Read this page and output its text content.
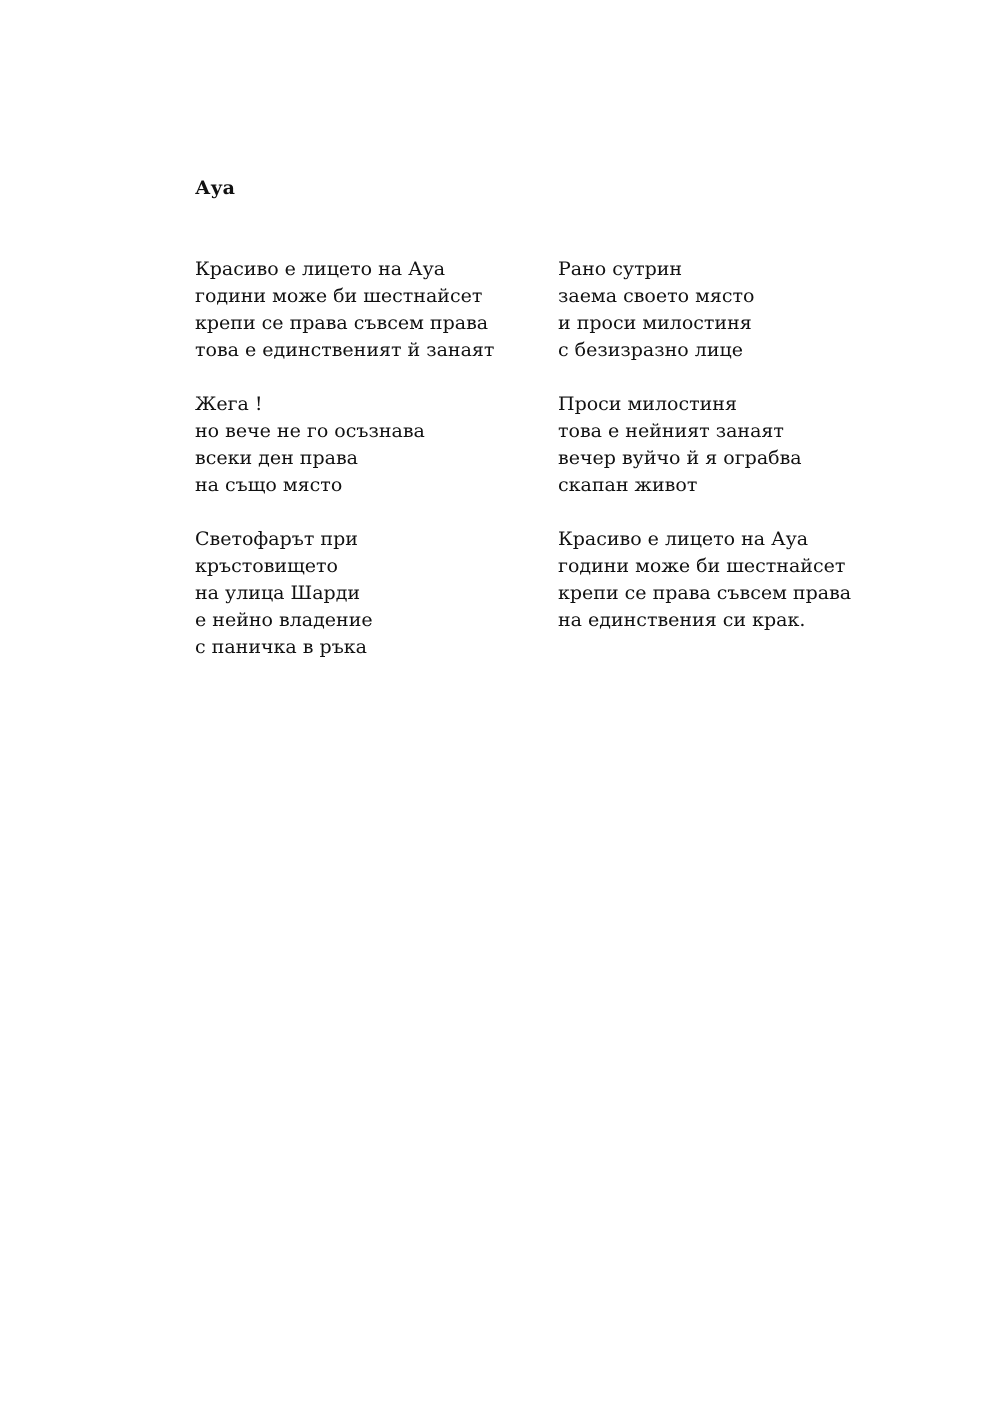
Ауа
Красиво е лицето на Ауа
години може би шестнайсет
крепи се права съвсем права
това е единственият й занаят
Жега !
но вече не го осъзнава
всеки ден права
на също място
Светофарът при
кръстовището
на улица Шарди
е нейно владение
с паничка в ръка
Рано сутрин
заема своето място
и проси милостиня
с безизразно лице
Проси милостиня
това е нейният занаят
вечер вуйчо й я ограбва
скапан живот
Красиво е лицето на Ауа
години може би шестнайсет
крепи се права съвсем права
на единствения си крак.
